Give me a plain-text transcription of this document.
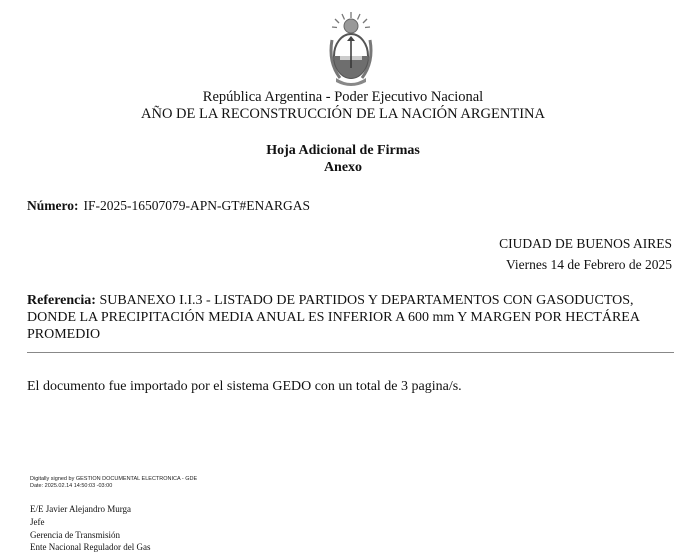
República Argentina - Poder Ejecutivo Nacional
AÑO DE LA RECONSTRUCCIÓN DE LA NACIÓN ARGENTINA
Hoja Adicional de Firmas
Anexo
Número: IF-2025-16507079-APN-GT#ENARGAS
CIUDAD DE BUENOS AIRES
Viernes 14 de Febrero de 2025
Referencia: SUBANEXO I.I.3 - LISTADO DE PARTIDOS Y DEPARTAMENTOS CON GASODUCTOS, DONDE LA PRECIPITACIÓN MEDIA ANUAL ES INFERIOR A 600 mm Y MARGEN POR HECTÁREA PROMEDIO
El documento fue importado por el sistema GEDO con un total de 3 pagina/s.
Digitally signed by GESTION DOCUMENTAL ELECTRONICA - GDE
Date: 2025.02.14 14:50:03 -03:00
E/E Javier Alejandro Murga
Jefe
Gerencia de Transmisión
Ente Nacional Regulador del Gas
